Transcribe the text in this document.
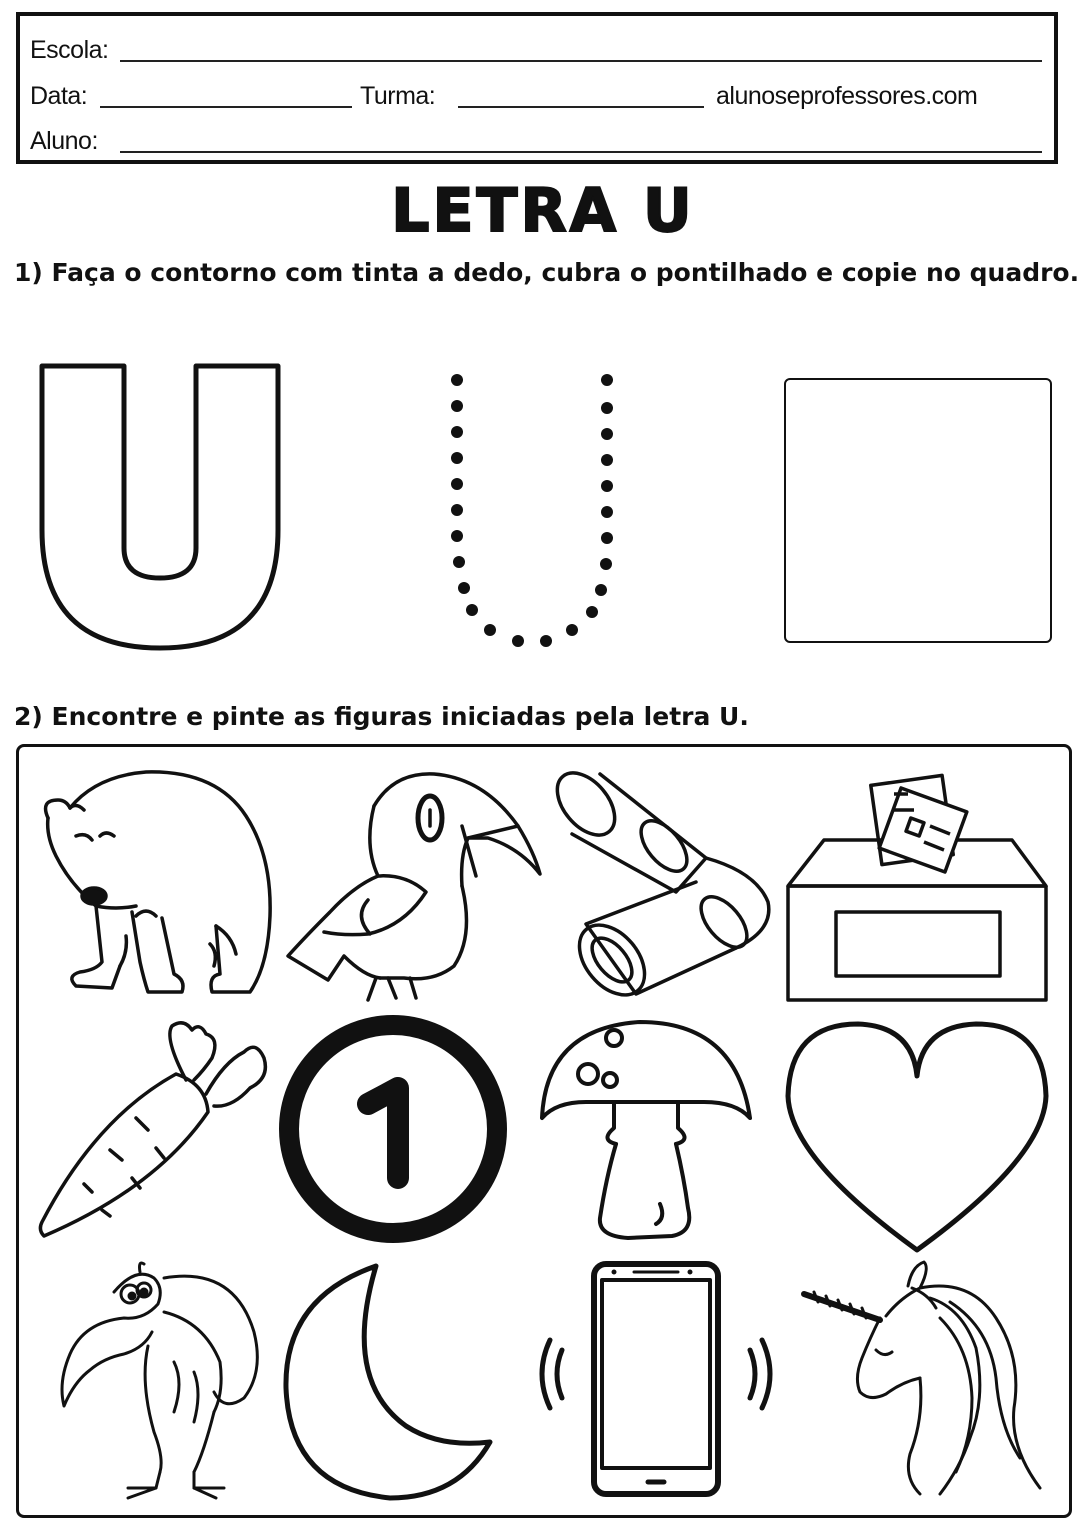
Escola:
Data:	Turma:	alunoseprofessores.com
Aluno:
LETRA U
1) Faça o contorno com tinta a dedo, cubra o pontilhado e copie no quadro.
2) Encontre e pinte as figuras iniciadas pela letra U.
